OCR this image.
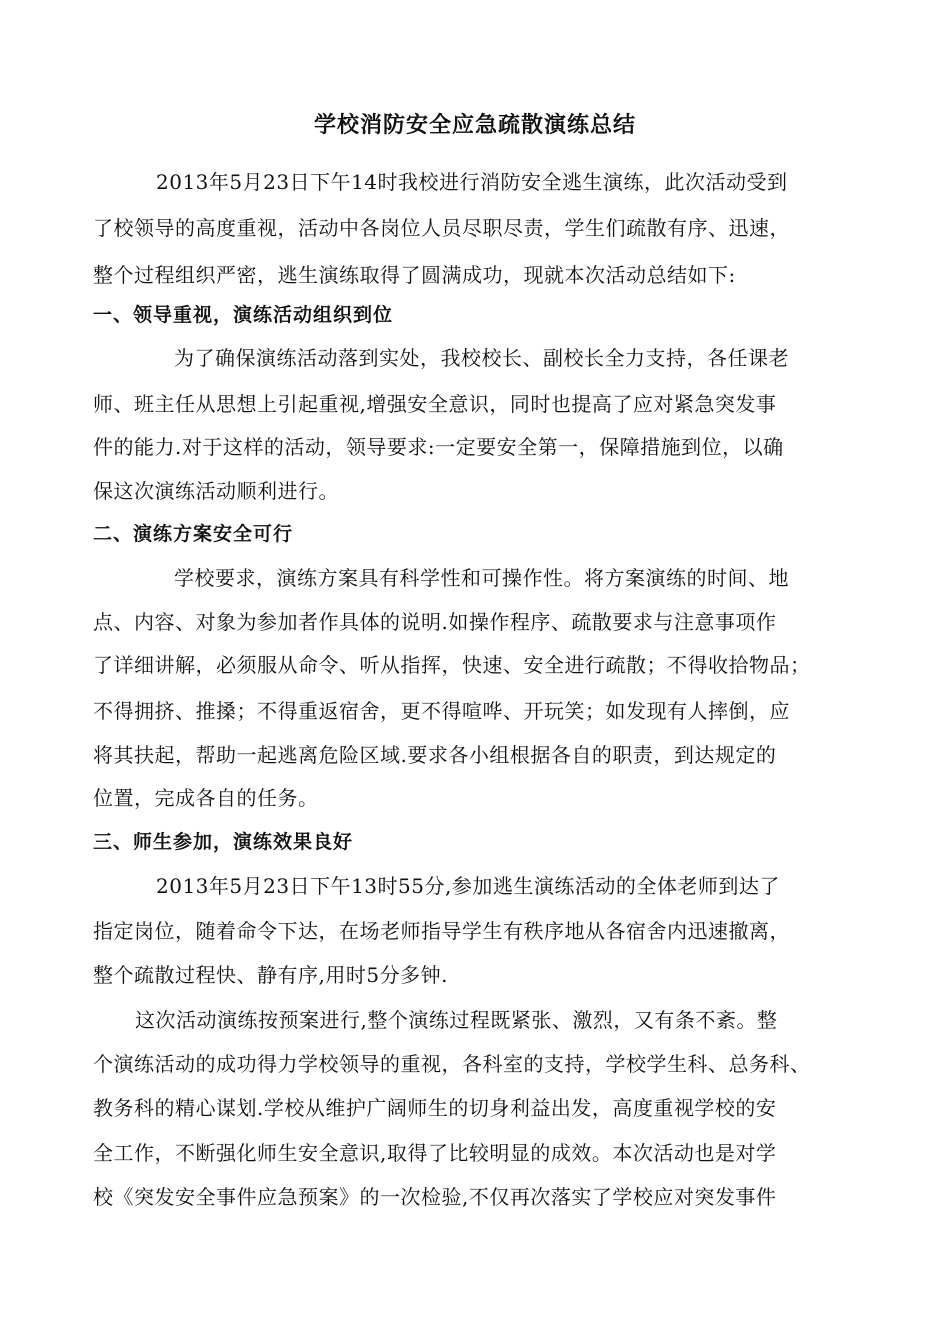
学校消防安全应急疏散演练总结
2013年5月23日下午14时我校进行消防安全逃生演练，此次活动受到
了校领导的高度重视，活动中各岗位人员尽职尽责，学生们疏散有序、迅速，
整个过程组织严密，逃生演练取得了圆满成功，现就本次活动总结如下:
一、领导重视，演练活动组织到位
为了确保演练活动落到实处，我校校长、副校长全力支持，各任课老
师、班主任从思想上引起重视,增强安全意识，同时也提高了应对紧急突发事
件的能力.对于这样的活动，领导要求:一定要安全第一，保障措施到位，以确
保这次演练活动顺利进行。
二、演练方案安全可行
学校要求，演练方案具有科学性和可操作性。将方案演练的时间、地
点、内容、对象为参加者作具体的说明.如操作程序、疏散要求与注意事项作
了详细讲解，必须服从命令、听从指挥，快速、安全进行疏散；不得收拾物品；
不得拥挤、推搡；不得重返宿舍，更不得喧哗、开玩笑；如发现有人摔倒，应
将其扶起，帮助一起逃离危险区域.要求各小组根据各自的职责，到达规定的
位置，完成各自的任务。
三、师生参加，演练效果良好
2013年5月23日下午13时55分,参加逃生演练活动的全体老师到达了
指定岗位，随着命令下达，在场老师指导学生有秩序地从各宿舍内迅速撤离，
整个疏散过程快、静有序,用时5分多钟.
这次活动演练按预案进行,整个演练过程既紧张、激烈，又有条不紊。整
个演练活动的成功得力学校领导的重视，各科室的支持，学校学生科、总务科、
教务科的精心谋划.学校从维护广阔师生的切身利益出发，高度重视学校的安
全工作，不断强化师生安全意识,取得了比较明显的成效。本次活动也是对学
校《突发安全事件应急预案》的一次检验,不仅再次落实了学校应对突发事件
